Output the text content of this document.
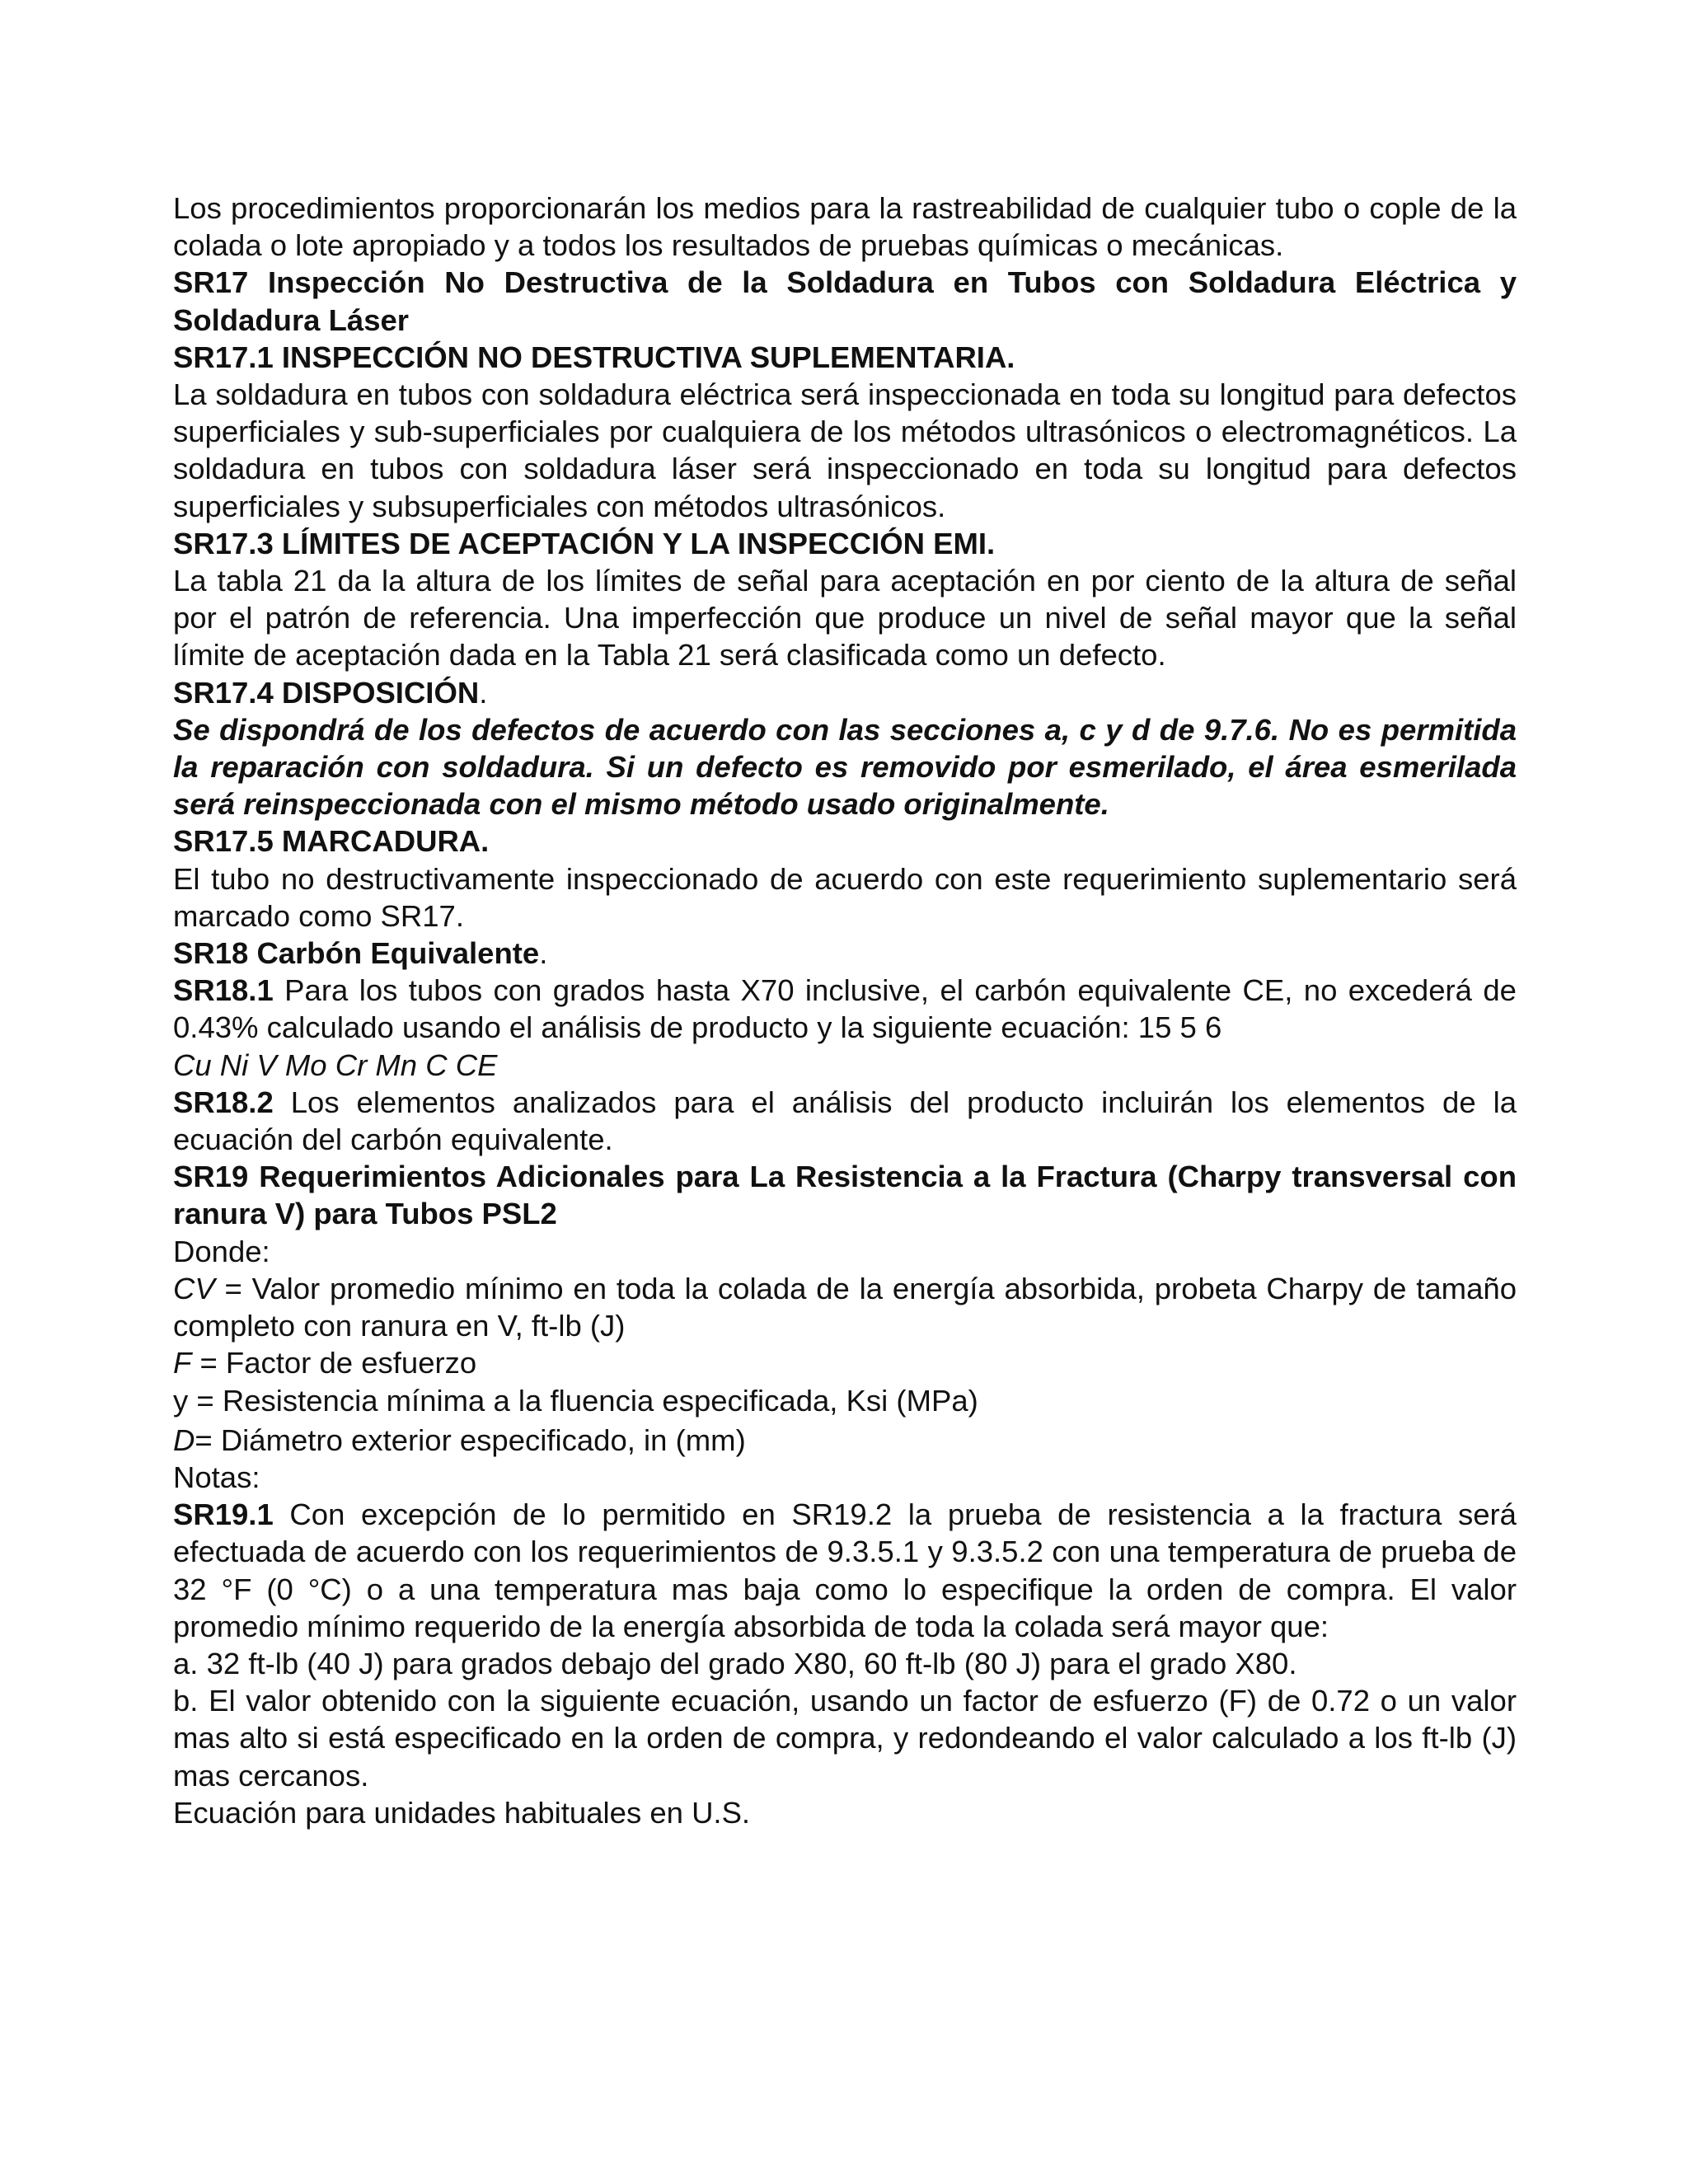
Los procedimientos proporcionarán los medios para la rastreabilidad de cualquier tubo o cople de la colada o lote apropiado y a todos los resultados de pruebas químicas o mecánicas.

SR17 Inspección No Destructiva de la Soldadura en Tubos con Soldadura Eléctrica y Soldadura Láser

SR17.1 INSPECCIÓN NO DESTRUCTIVA SUPLEMENTARIA.

La soldadura en tubos con soldadura eléctrica será inspeccionada en toda su longitud para defectos superficiales y sub-superficiales por cualquiera de los métodos ultrasónicos o electromagnéticos. La soldadura en tubos con soldadura láser será inspeccionado en toda su longitud para defectos superficiales y subsuperficiales con métodos ultrasónicos.

SR17.3 LÍMITES DE ACEPTACIÓN Y LA INSPECCIÓN EMI.

La tabla 21 da la altura de los límites de señal para aceptación en por ciento de la altura de señal por el patrón de referencia. Una imperfección que produce un nivel de señal mayor que la señal límite de aceptación dada en la Tabla 21 será clasificada como un defecto.

SR17.4 DISPOSICIÓN.

Se dispondrá de los defectos de acuerdo con las secciones a, c y d de 9.7.6. No es permitida la reparación con soldadura. Si un defecto es removido por esmerilado, el área esmerilada será reinspeccionada con el mismo método usado originalmente.

SR17.5 MARCADURA.

El tubo no destructivamente inspeccionado de acuerdo con este requerimiento suplementario será marcado como SR17.

SR18 Carbón Equivalente.

SR18.1 Para los tubos con grados hasta X70 inclusive, el carbón equivalente CE, no excederá de 0.43% calculado usando el análisis de producto y la siguiente ecuación: 15 5 6

Cu Ni V Mo Cr Mn C CE

SR18.2 Los elementos analizados para el análisis del producto incluirán los elementos de la ecuación del carbón equivalente.

SR19 Requerimientos Adicionales para La Resistencia a la Fractura (Charpy transversal con ranura V) para Tubos PSL2

Donde:

CV = Valor promedio mínimo en toda la colada de la energía absorbida, probeta Charpy de tamaño completo con ranura en V, ft-lb (J)

F = Factor de esfuerzo

y = Resistencia mínima a la fluencia especificada, Ksi (MPa)

D= Diámetro exterior especificado, in (mm)

Notas:

SR19.1 Con excepción de lo permitido en SR19.2 la prueba de resistencia a la fractura será efectuada de acuerdo con los requerimientos de 9.3.5.1 y 9.3.5.2 con una temperatura de prueba de 32 °F (0 °C) o a una temperatura mas baja como lo especifique la orden de compra. El valor promedio mínimo requerido de la energía absorbida de toda la colada será mayor que:

a. 32 ft-lb (40 J) para grados debajo del grado X80, 60 ft-lb (80 J) para el grado X80.

b. El valor obtenido con la siguiente ecuación, usando un factor de esfuerzo (F) de 0.72 o un valor mas alto si está especificado en la orden de compra, y redondeando el valor calculado a los ft-lb (J) mas cercanos.

Ecuación para unidades habituales en U.S.
